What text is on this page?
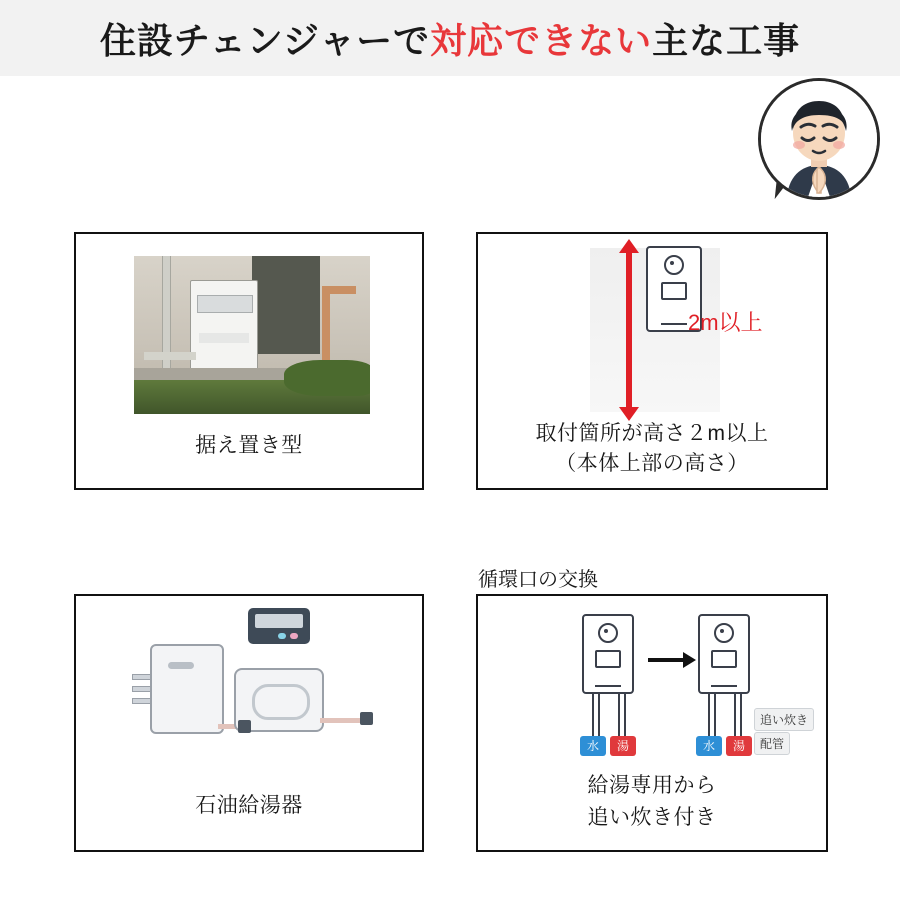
住設チェンジャーで対応できない主な工事
据え置き型
2m以上
取付箇所が高さ２m以上
（本体上部の高さ）
石油給湯器
循環口の交換
水	湯	水	湯
追い炊き
配管
給湯専用から
追い炊き付き
